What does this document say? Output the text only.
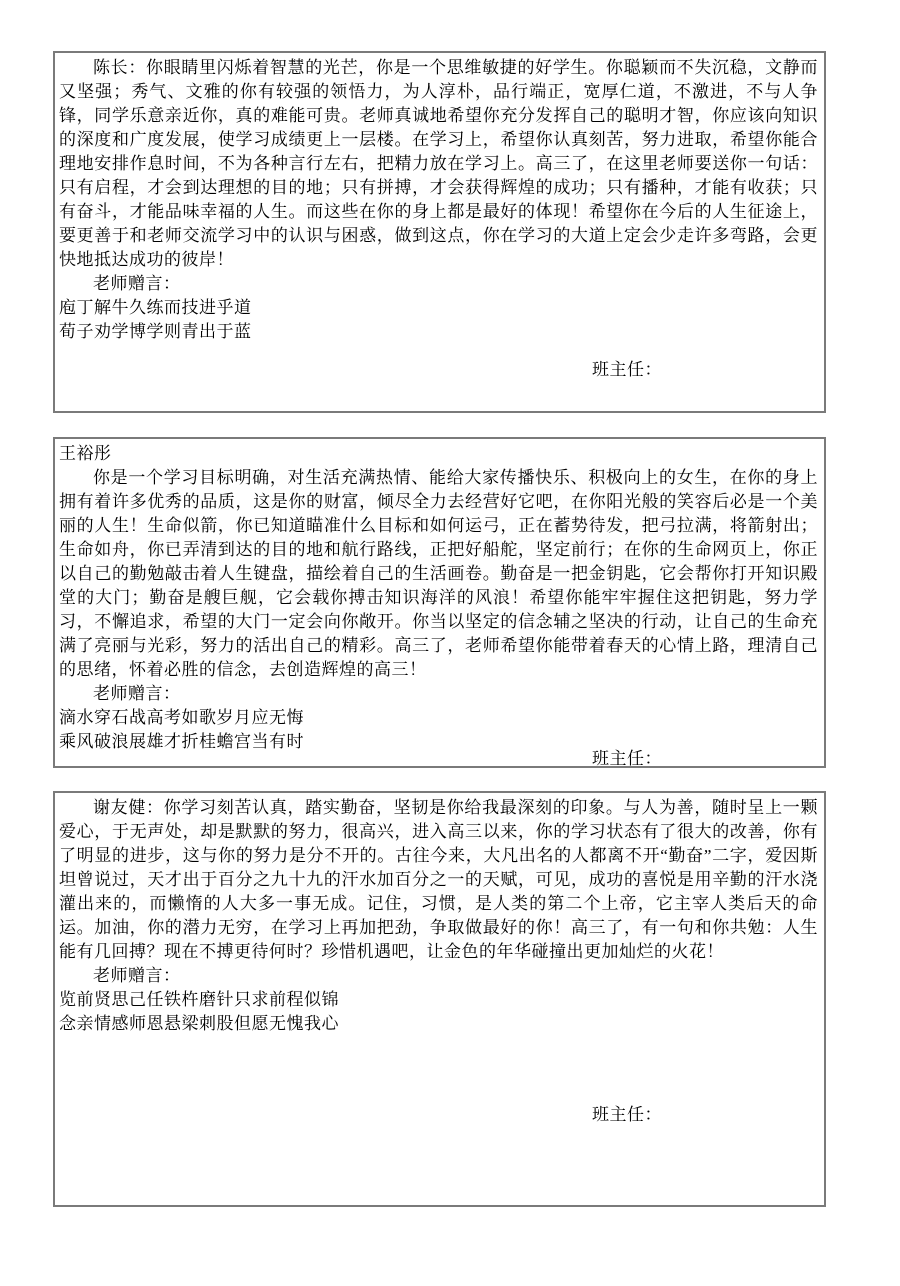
陈长：你眼睛里闪烁着智慧的光芒，你是一个思维敏捷的好学生。你聪颖而不失沉稳，文静而又坚强；秀气、文雅的你有较强的领悟力，为人淳朴，品行端正，宽厚仁道，不激进，不与人争锋，同学乐意亲近你，真的难能可贵。老师真诚地希望你充分发挥自己的聪明才智，你应该向知识的深度和广度发展，使学习成绩更上一层楼。在学习上，希望你认真刻苦，努力进取，希望你能合理地安排作息时间，不为各种言行左右，把精力放在学习上。高三了，在这里老师要送你一句话：只有启程，才会到达理想的目的地；只有拼搏，才会获得辉煌的成功；只有播种，才能有收获；只有奋斗，才能品味幸福的人生。而这些在你的身上都是最好的体现！希望你在今后的人生征途上，要更善于和老师交流学习中的认识与困惑，做到这点，你在学习的大道上定会少走许多弯路，会更快地抵达成功的彼岸！

老师赠言：
庖丁解牛久练而技进乎道
荀子劝学博学则青出于蓝
班主任：
王裕彤

你是一个学习目标明确，对生活充满热情、能给大家传播快乐、积极向上的女生，在你的身上拥有着许多优秀的品质，这是你的财富，倾尽全力去经营好它吧，在你阳光般的笑容后必是一个美丽的人生！生命似箭，你已知道瞄准什么目标和如何运弓，正在蓄势待发，把弓拉满，将箭射出；生命如舟，你已弄清到达的目的地和航行路线，正把好船舵，坚定前行；在你的生命网页上，你正以自己的勤勉敲击着人生键盘，描绘着自己的生活画卷。勤奋是一把金钥匙，它会帮你打开知识殿堂的大门；勤奋是艘巨舰，它会载你搏击知识海洋的风浪！希望你能牢牢握住这把钥匙，努力学习，不懈追求，希望的大门一定会向你敞开。你当以坚定的信念辅之坚决的行动，让自己的生命充满了亮丽与光彩，努力的活出自己的精彩。高三了，老师希望你能带着春天的心情上路，理清自己的思绪，怀着必胜的信念，去创造辉煌的高三！

老师赠言：
滴水穿石战高考如歌岁月应无悔
乘风破浪展雄才折桂蟾宫当有时
班主任：

谢友健：你学习刻苦认真，踏实勤奋，坚韧是你给我最深刻的印象。与人为善，随时呈上一颗爱心，于无声处，却是默默的努力，很高兴，进入高三以来，你的学习状态有了很大的改善，你有了明显的进步，这与你的努力是分不开的。古往今来，大凡出名的人都离不开“勤奋”二字，爱因斯坦曾说过，天才出于百分之九十九的汗水加百分之一的天赋，可见，成功的喜悦是用辛勤的汗水浇灌出来的，而懒惰的人大多一事无成。记住，习惯，是人类的第二个上帝，它主宰人类后天的命运。加油，你的潜力无穷，在学习上再加把劲，争取做最好的你！高三了，有一句和你共勉：人生能有几回搏？现在不搏更待何时？珍惜机遇吧，让金色的年华碰撞出更加灿烂的火花！

老师赠言：
览前贤思己任铁杵磨针只求前程似锦
念亲情感师恩悬梁刺股但愿无愧我心
班主任：
